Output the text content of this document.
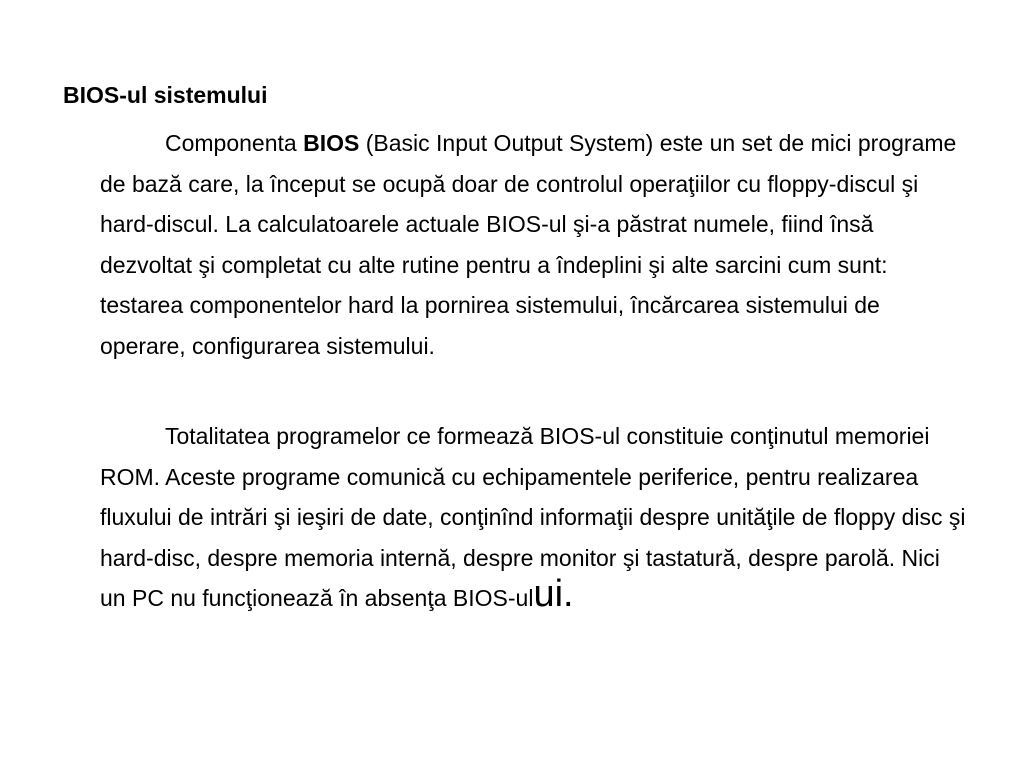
BIOS-ul sistemului

Componenta BIOS (Basic Input Output System) este un set de mici programe de bază care, la început se ocupă doar de controlul operaţiilor cu floppy-discul şi hard-discul. La calculatoarele actuale BIOS-ul şi-a păstrat numele, fiind însă dezvoltat şi completat cu alte rutine pentru a îndeplini şi alte sarcini cum sunt: testarea componentelor hard la pornirea sistemului, încărcarea sistemului de operare, configurarea sistemului.

Totalitatea programelor ce formează BIOS-ul constituie conţinutul memoriei ROM. Aceste programe comunică cu echipamentele periferice, pentru realizarea fluxului de intrări şi ieşiri de date, conţinînd informaţii despre unităţile de floppy disc şi hard-disc, despre memoria internă, despre monitor şi tastatură, despre parolă. Nici un PC nu funcţionează în absenţa BIOS-ului.
